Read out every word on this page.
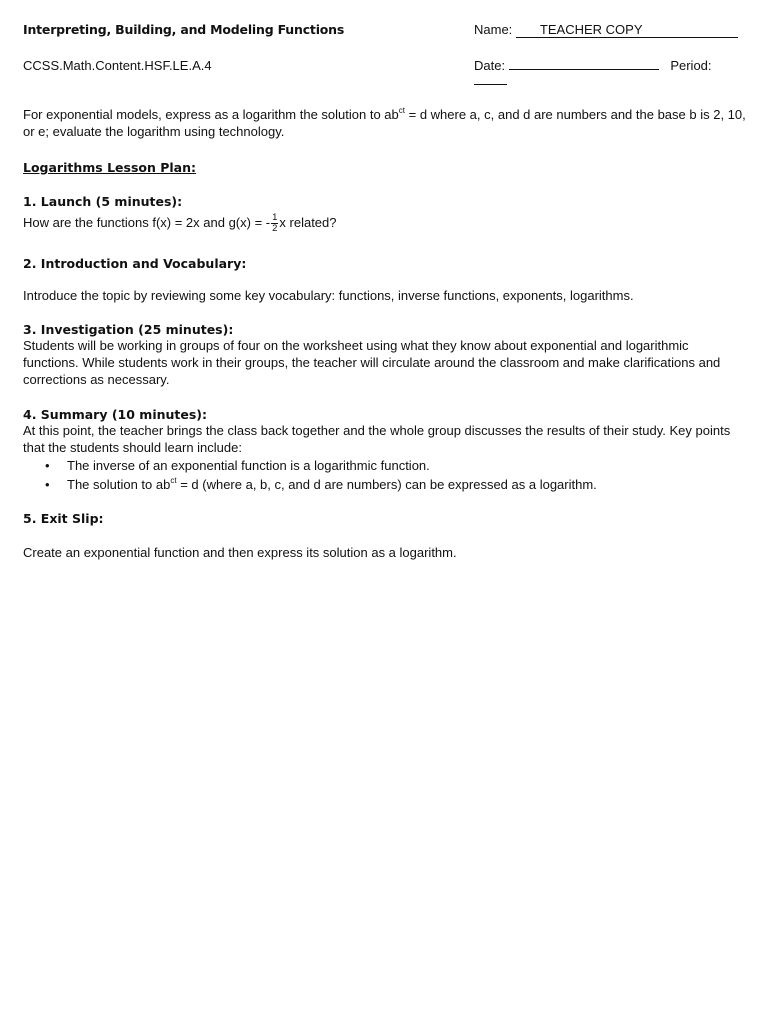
Interpreting, Building, and Modeling Functions	Name: TEACHER COPY
CCSS.Math.Content.HSF.LE.A.4	Date:	Period:
For exponential models, express as a logarithm the solution to $ab^{ct} = d$ where a, c, and d are numbers and the base b is 2, 10, or e; evaluate the logarithm using technology.
Logarithms Lesson Plan:
1. Launch (5 minutes):
How are the functions f(x) = 2x and g(x) = - $\frac{1}{2}$ x related?
2. Introduction and Vocabulary:
Introduce the topic by reviewing some key vocabulary: functions, inverse functions, exponents, logarithms.
3. Investigation (25 minutes):
Students will be working in groups of four on the worksheet using what they know about exponential and logarithmic functions. While students work in their groups, the teacher will circulate around the classroom and make clarifications and corrections as necessary.
4. Summary (10 minutes):
At this point, the teacher brings the class back together and the whole group discusses the results of their study. Key points that the students should learn include:
• The inverse of an exponential function is a logarithmic function.
• The solution to $ab^{ct} = d$ (where a, b, c, and d are numbers) can be expressed as a logarithm.
5. Exit Slip:
Create an exponential function and then express its solution as a logarithm.
